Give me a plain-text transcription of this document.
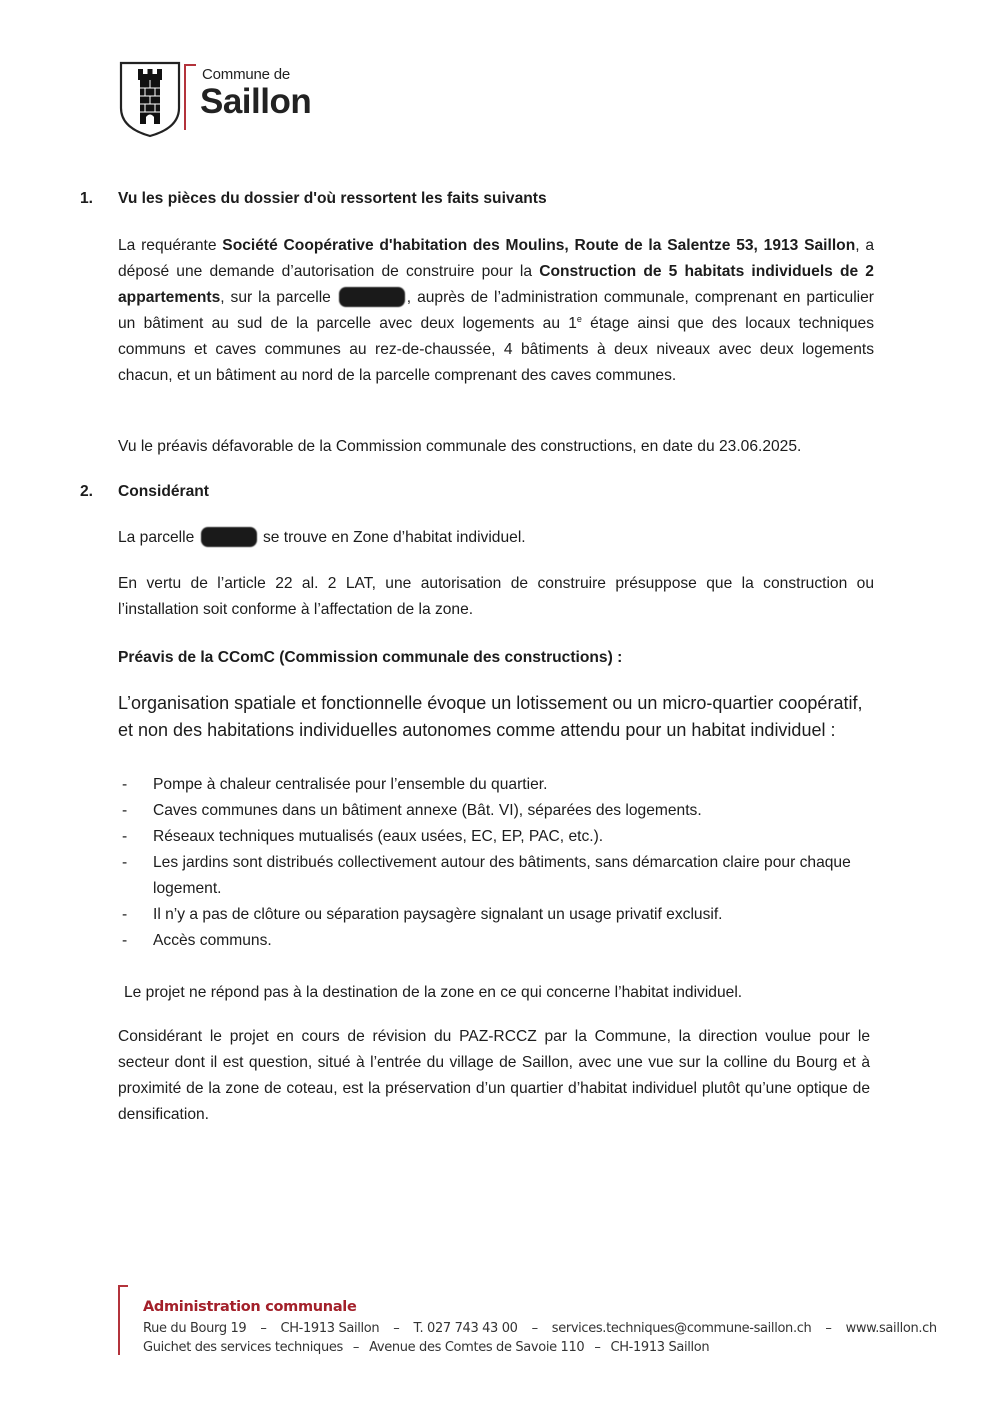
Commune de
Saillon
1. Vu les pièces du dossier d'où ressortent les faits suivants
La requérante Société Coopérative d'habitation des Moulins, Route de la Salentze 53, 1913 Saillon, a déposé une demande d’autorisation de construire pour la Construction de 5 habitats individuels de 2 appartements, sur la parcelle	, auprès de l’administration communale, comprenant en particulier un bâtiment au sud de la parcelle avec deux logements au 1e étage ainsi que des locaux techniques communs et caves communes au rez-de-chaussée, 4 bâtiments à deux niveaux avec deux logements chacun, et un bâtiment au nord de la parcelle comprenant des caves communes.
Vu le préavis défavorable de la Commission communale des constructions, en date du 23.06.2025.
2. Considérant
La parcelle	se trouve en Zone d’habitat individuel.
En vertu de l’article 22 al. 2 LAT, une autorisation de construire présuppose que la construction ou l’installation soit conforme à l’affectation de la zone.
Préavis de la CComC (Commission communale des constructions) :
L’organisation spatiale et fonctionnelle évoque un lotissement ou un micro-quartier coopératif, et non des habitations individuelles autonomes comme attendu pour un habitat individuel :
- Pompe à chaleur centralisée pour l’ensemble du quartier.
- Caves communes dans un bâtiment annexe (Bât. VI), séparées des logements.
- Réseaux techniques mutualisés (eaux usées, EC, EP, PAC, etc.).
- Les jardins sont distribués collectivement autour des bâtiments, sans démarcation claire pour chaque logement.
- Il n’y a pas de clôture ou séparation paysagère signalant un usage privatif exclusif.
- Accès communs.
Le projet ne répond pas à la destination de la zone en ce qui concerne l’habitat individuel.
Considérant le projet en cours de révision du PAZ-RCCZ par la Commune, la direction voulue pour le secteur dont il est question, situé à l’entrée du village de Saillon, avec une vue sur la colline du Bourg et à proximité de la zone de coteau, est la préservation d’un quartier d’habitat individuel plutôt qu’une optique de densification.
Administration communale
Rue du Bourg 19 – CH-1913 Saillon – T. 027 743 43 00 – services.techniques@commune-saillon.ch – www.saillon.ch
Guichet des services techniques – Avenue des Comtes de Savoie 110 – CH-1913 Saillon
